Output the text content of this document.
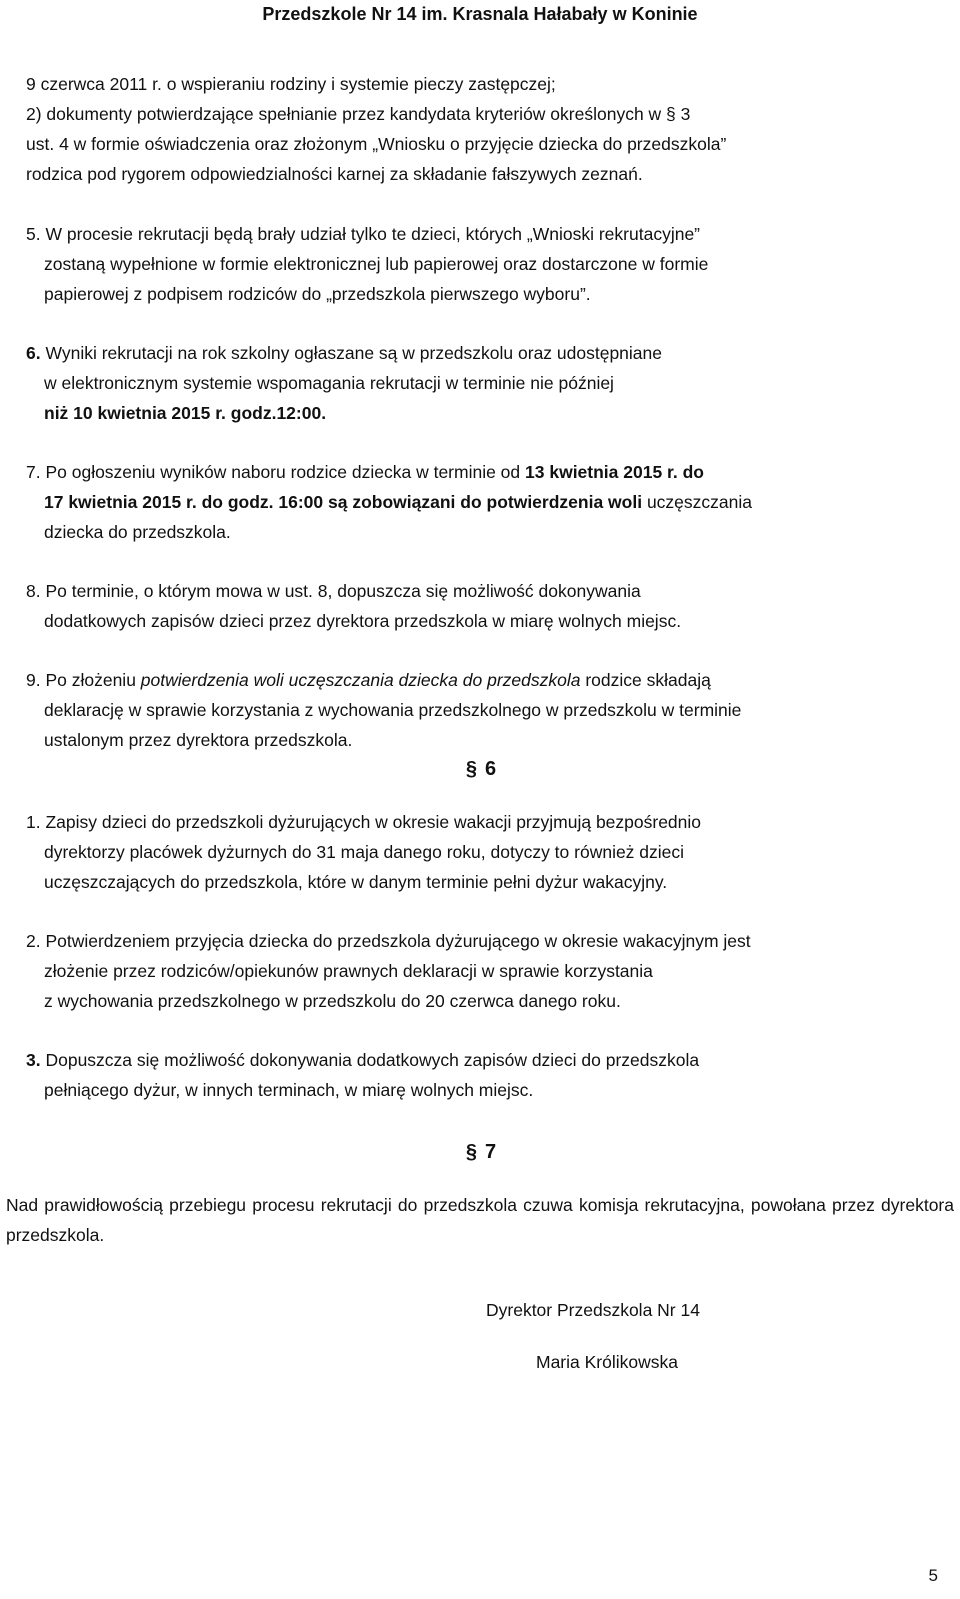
Przedszkole Nr 14 im. Krasnala Hałabały w Koninie
9 czerwca 2011 r. o wspieraniu rodziny i systemie pieczy zastępczej;
2) dokumenty potwierdzające spełnianie przez kandydata kryteriów określonych w § 3
ust. 4 w formie oświadczenia oraz złożonym „Wniosku o przyjęcie dziecka do przedszkola”
rodzica pod rygorem odpowiedzialności karnej za składanie fałszywych zeznań.
5. W procesie rekrutacji będą brały udział tylko te dzieci, których „Wnioski rekrutacyjne”
zostaną wypełnione w formie elektronicznej lub papierowej oraz dostarczone w formie
papierowej z podpisem rodziców do „przedszkola pierwszego wyboru”.
6. Wyniki rekrutacji na rok szkolny ogłaszane są w przedszkolu oraz udostępniane
w elektronicznym systemie wspomagania rekrutacji w terminie nie później
niż 10 kwietnia 2015 r. godz.12:00.
7. Po ogłoszeniu wyników naboru rodzice dziecka w terminie od 13 kwietnia 2015 r. do
17 kwietnia 2015 r. do godz. 16:00 są zobowiązani do potwierdzenia woli uczęszczania
dziecka do przedszkola.
8. Po terminie, o którym mowa w ust. 8, dopuszcza się możliwość dokonywania
dodatkowych zapisów dzieci przez dyrektora przedszkola w miarę wolnych miejsc.
9. Po złożeniu potwierdzenia woli uczęszczania dziecka do przedszkola rodzice składają
deklarację w sprawie korzystania z wychowania przedszkolnego w przedszkolu w terminie
ustalonym przez dyrektora przedszkola.
§ 6
1. Zapisy dzieci do przedszkoli dyżurujących w okresie wakacji przyjmują bezpośrednio
dyrektorzy placówek dyżurnych do 31 maja danego roku, dotyczy to również dzieci
uczęszczających do przedszkola, które w danym terminie pełni dyżur wakacyjny.
2. Potwierdzeniem przyjęcia dziecka do przedszkola dyżurującego w okresie wakacyjnym jest
złożenie przez rodziców/opiekunów prawnych deklaracji w sprawie korzystania
z wychowania przedszkolnego w przedszkolu do 20 czerwca danego roku.
3. Dopuszcza się możliwość dokonywania dodatkowych zapisów dzieci do przedszkola
pełniącego dyżur, w innych terminach, w miarę wolnych miejsc.
§ 7
Nad prawidłowością przebiegu procesu rekrutacji do przedszkola czuwa komisja rekrutacyjna, powołana przez dyrektora przedszkola.
Dyrektor Przedszkola Nr 14
Maria Królikowska
5
